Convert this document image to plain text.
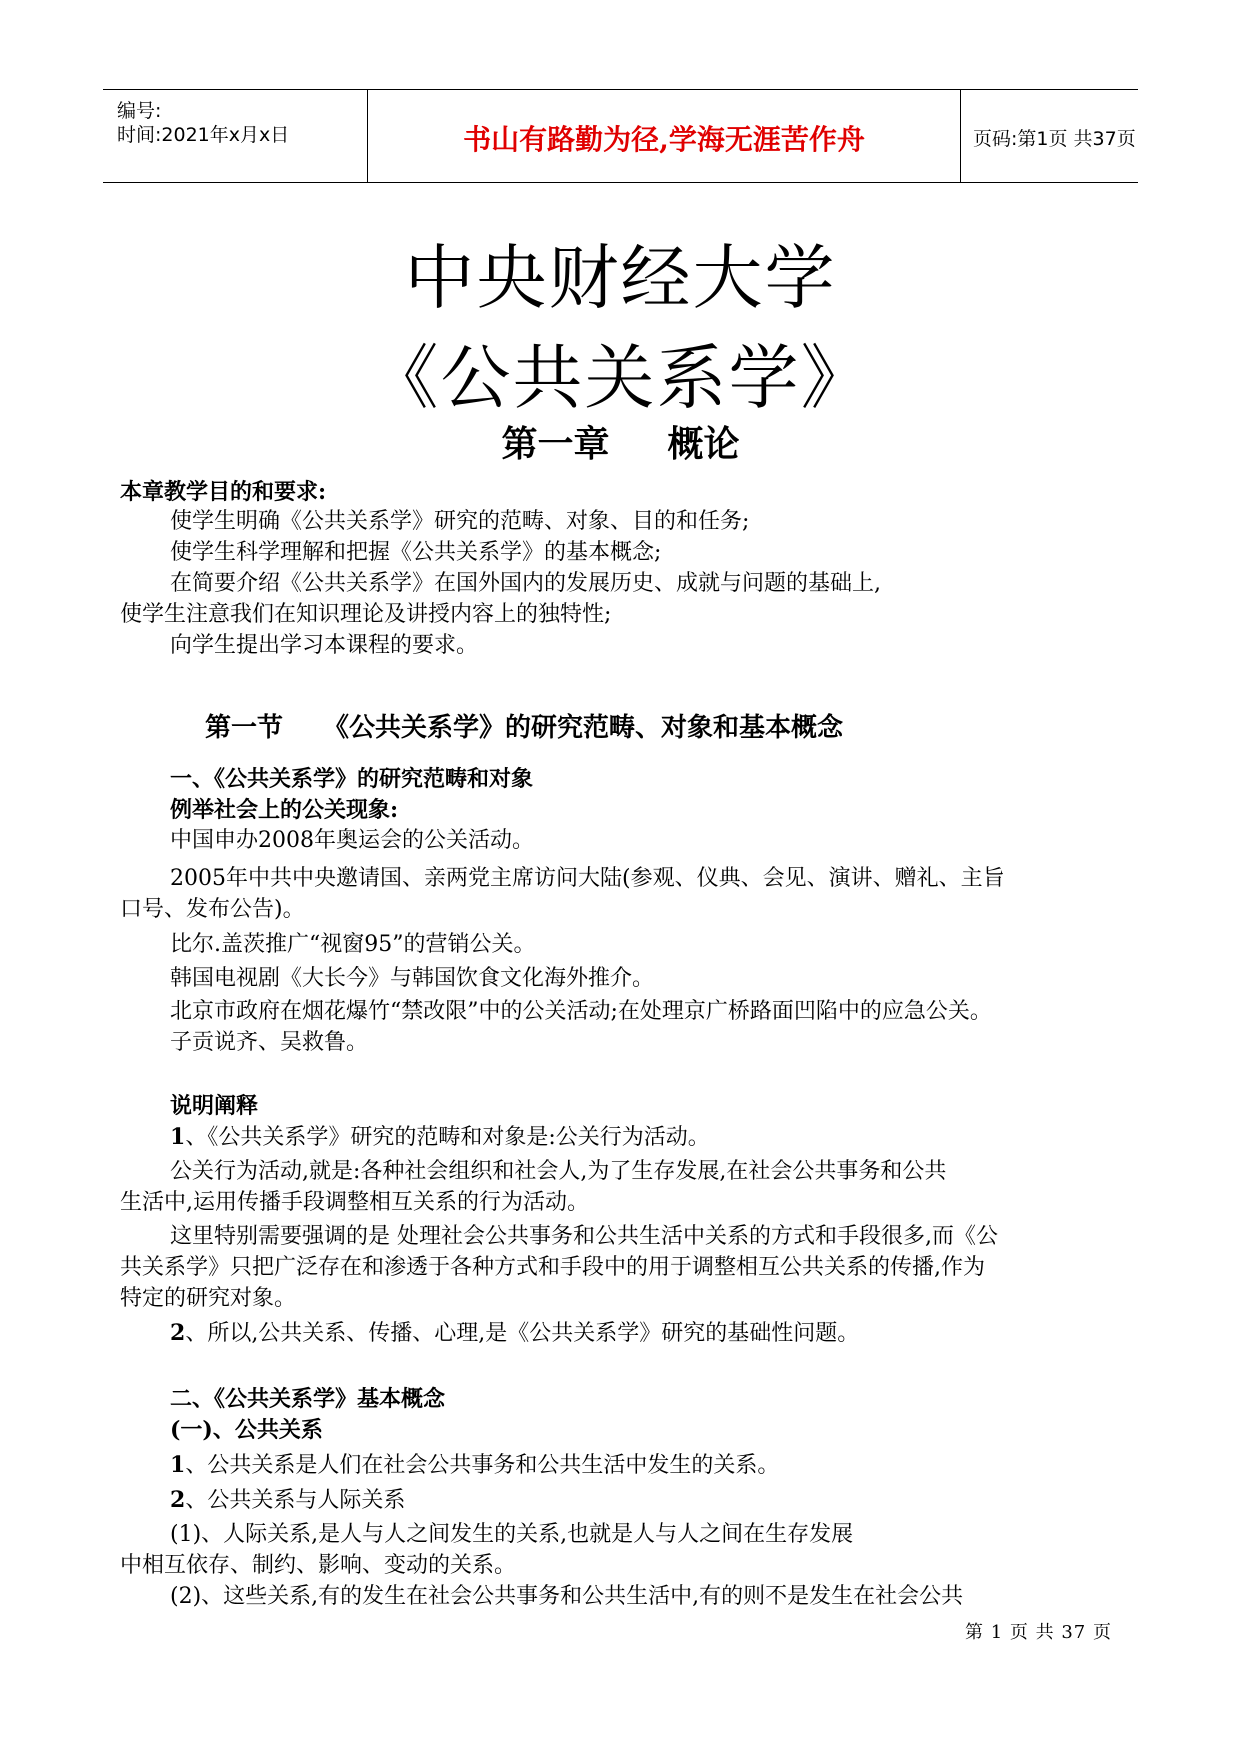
编号:
时间:2021年x月x日	书山有路勤为径,学海无涯苦作舟	页码:第1页 共37页
中央财经大学
《公共关系学》
第一章 概论
本章教学目的和要求:
使学生明确《公共关系学》研究的范畴、对象、目的和任务;
使学生科学理解和把握《公共关系学》的基本概念;
在简要介绍《公共关系学》在国外国内的发展历史、成就与问题的基础上,
使学生注意我们在知识理论及讲授内容上的独特性;
向学生提出学习本课程的要求。
第一节 《公共关系学》的研究范畴、对象和基本概念
一、《公共关系学》的研究范畴和对象
例举社会上的公关现象:
中国申办2008年奥运会的公关活动。
2005年中共中央邀请国、亲两党主席访问大陆(参观、仪典、会见、演讲、赠礼、主旨
口号、发布公告)。
比尔.盖茨推广“视窗95”的营销公关。
韩国电视剧《大长今》与韩国饮食文化海外推介。
北京市政府在烟花爆竹“禁改限”中的公关活动;在处理京广桥路面凹陷中的应急公关。
子贡说齐、吴救鲁。
说明阐释
1、《公共关系学》研究的范畴和对象是:公关行为活动。
公关行为活动,就是:各种社会组织和社会人,为了生存发展,在社会公共事务和公共
生活中,运用传播手段调整相互关系的行为活动。
这里特别需要强调的是 处理社会公共事务和公共生活中关系的方式和手段很多,而《公
共关系学》只把广泛存在和渗透于各种方式和手段中的用于调整相互公共关系的传播,作为
特定的研究对象。
2、所以,公共关系、传播、心理,是《公共关系学》研究的基础性问题。
二、《公共关系学》基本概念
(一)、公共关系
1、公共关系是人们在社会公共事务和公共生活中发生的关系。
2、公共关系与人际关系
(1)、人际关系,是人与人之间发生的关系,也就是人与人之间在生存发展
中相互依存、制约、影响、变动的关系。
(2)、这些关系,有的发生在社会公共事务和公共生活中,有的则不是发生在社会公共
第 1 页 共 37 页
